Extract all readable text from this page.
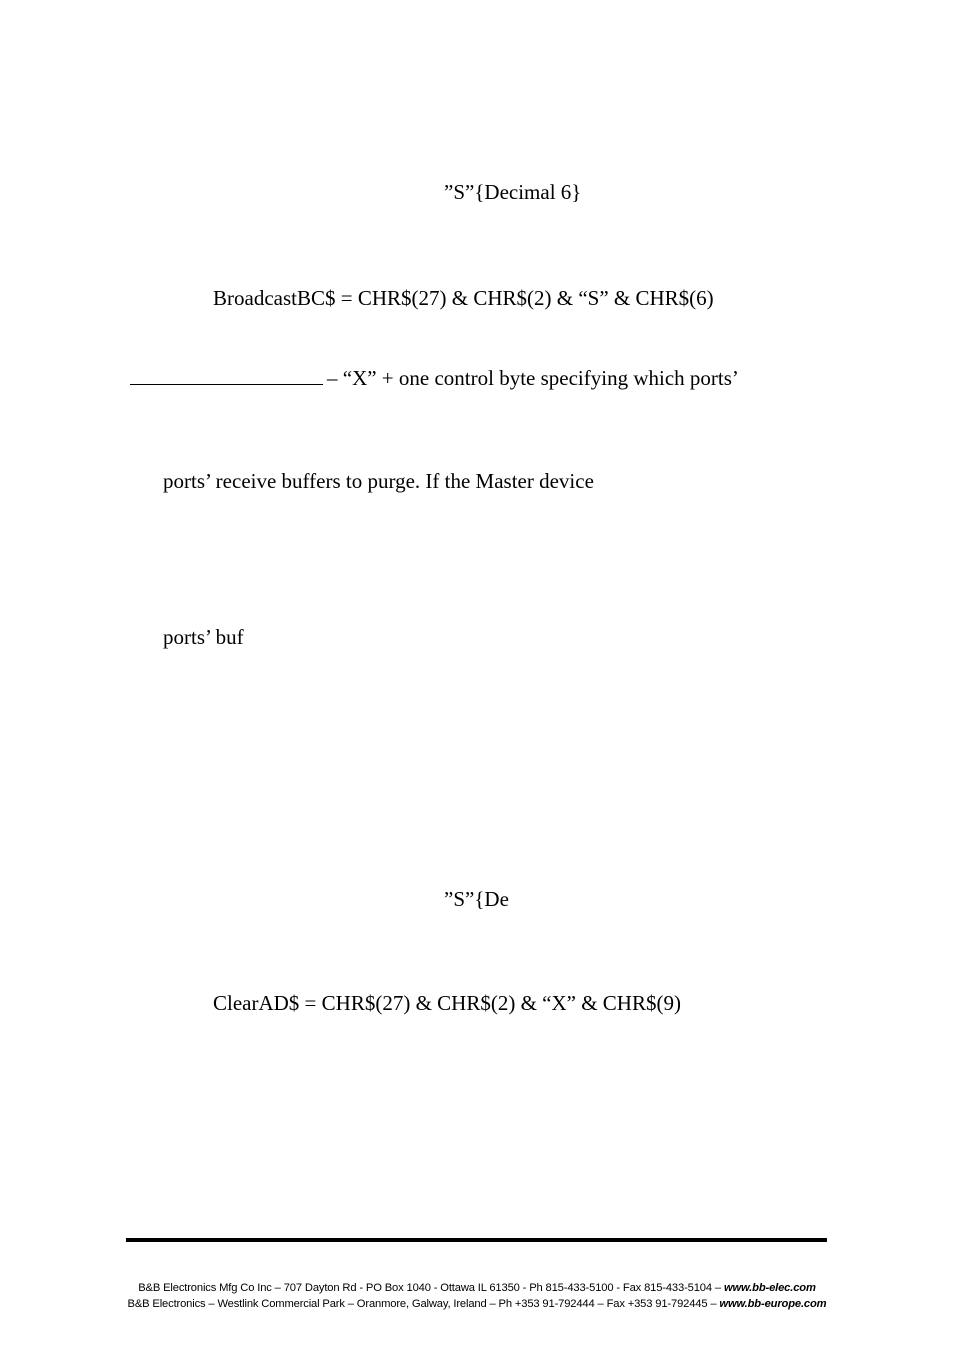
”S”{Decimal 6}
BroadcastBC$ = CHR$(27) & CHR$(2) & “S” & CHR$(6)
– “X” + one control byte specifying which ports’
ports’ receive buffers to purge. If the Master device
ports’ buf
”S”{De
ClearAD$ = CHR$(27) & CHR$(2) & “X” & CHR$(9)
B&B Electronics Mfg Co Inc – 707 Dayton Rd - PO Box 1040 - Ottawa IL 61350 - Ph 815-433-5100 - Fax 815-433-5104 – www.bb-elec.com
B&B Electronics – Westlink Commercial Park – Oranmore, Galway, Ireland – Ph +353 91-792444 – Fax +353 91-792445 – www.bb-europe.com
